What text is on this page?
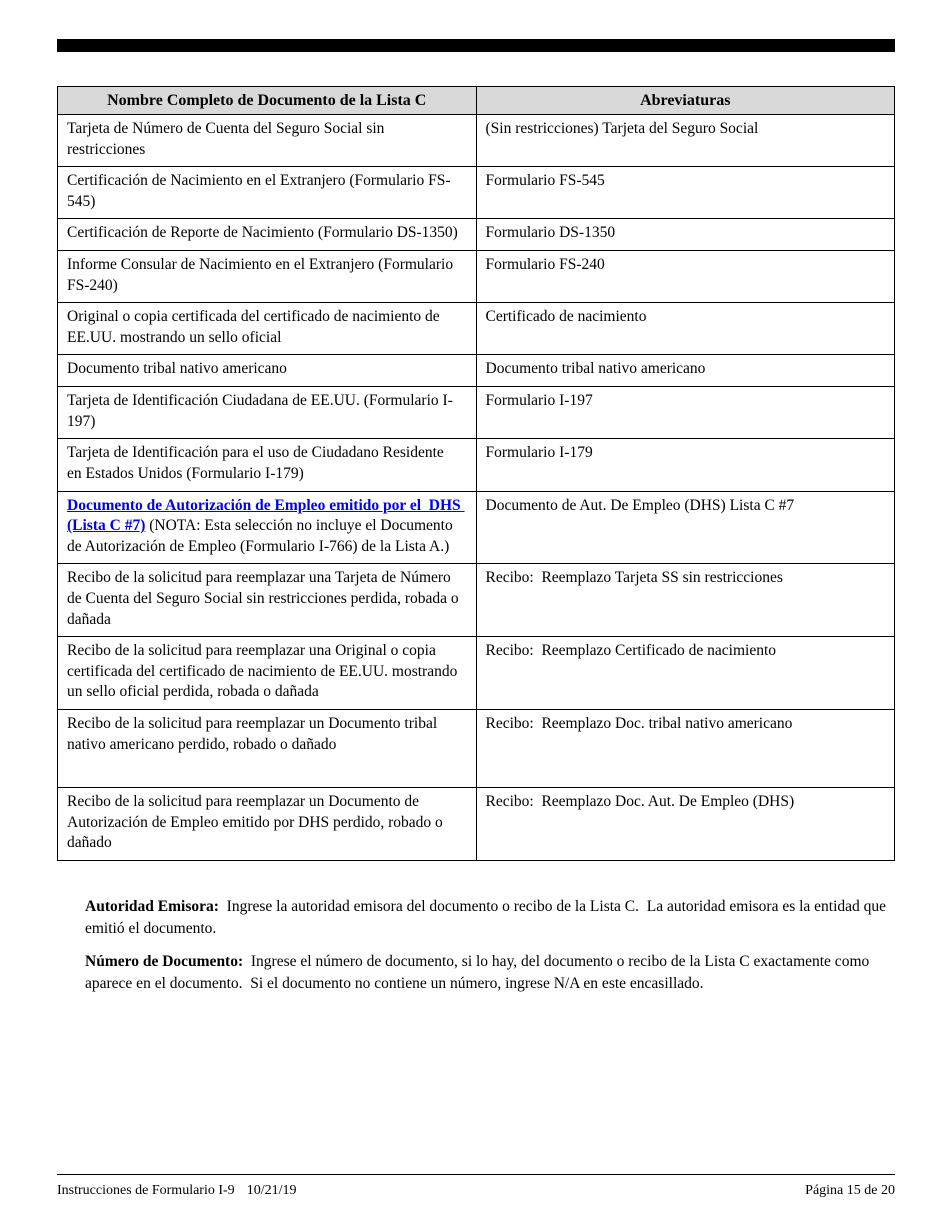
Nombre Completo de Documento de la Lista C	Abreviaturas
Tarjeta de Número de Cuenta del Seguro Social sin restricciones	(Sin restricciones) Tarjeta del Seguro Social
Certificación de Nacimiento en el Extranjero (Formulario FS-545)	Formulario FS-545
Certificación de Reporte de Nacimiento (Formulario DS-1350)	Formulario DS-1350
Informe Consular de Nacimiento en el Extranjero (Formulario FS-240)	Formulario FS-240
Original o copia certificada del certificado de nacimiento de EE.UU. mostrando un sello oficial	Certificado de nacimiento
Documento tribal nativo americano	Documento tribal nativo americano
Tarjeta de Identificación Ciudadana de EE.UU. (Formulario I-197)	Formulario I-197
Tarjeta de Identificación para el uso de Ciudadano Residente en Estados Unidos (Formulario I-179)	Formulario I-179
Documento de Autorización de Empleo emitido por el  DHS (Lista C #7) (NOTA: Esta selección no incluye el Documento de Autorización de Empleo (Formulario I-766) de la Lista A.)	Documento de Aut. De Empleo (DHS) Lista C #7
Recibo de la solicitud para reemplazar una Tarjeta de Número de Cuenta del Seguro Social sin restricciones perdida, robada o dañada	Recibo:  Reemplazo Tarjeta SS sin restricciones
Recibo de la solicitud para reemplazar una Original o copia certificada del certificado de nacimiento de EE.UU. mostrando un sello oficial perdida, robada o dañada	Recibo:  Reemplazo Certificado de nacimiento
Recibo de la solicitud para reemplazar un Documento tribal nativo americano perdido, robado o dañado	Recibo:  Reemplazo Doc. tribal nativo americano
Recibo de la solicitud para reemplazar un Documento de Autorización de Empleo emitido por DHS perdido, robado o dañado	Recibo:  Reemplazo Doc. Aut. De Empleo (DHS)

Autoridad Emisora:  Ingrese la autoridad emisora del documento o recibo de la Lista C.  La autoridad emisora es la entidad que emitió el documento.

Número de Documento:  Ingrese el número de documento, si lo hay, del documento o recibo de la Lista C exactamente como aparece en el documento.  Si el documento no contiene un número, ingrese N/A en este encasillado.

Instrucciones de Formulario I-9 10/21/19	Página 15 de 20
